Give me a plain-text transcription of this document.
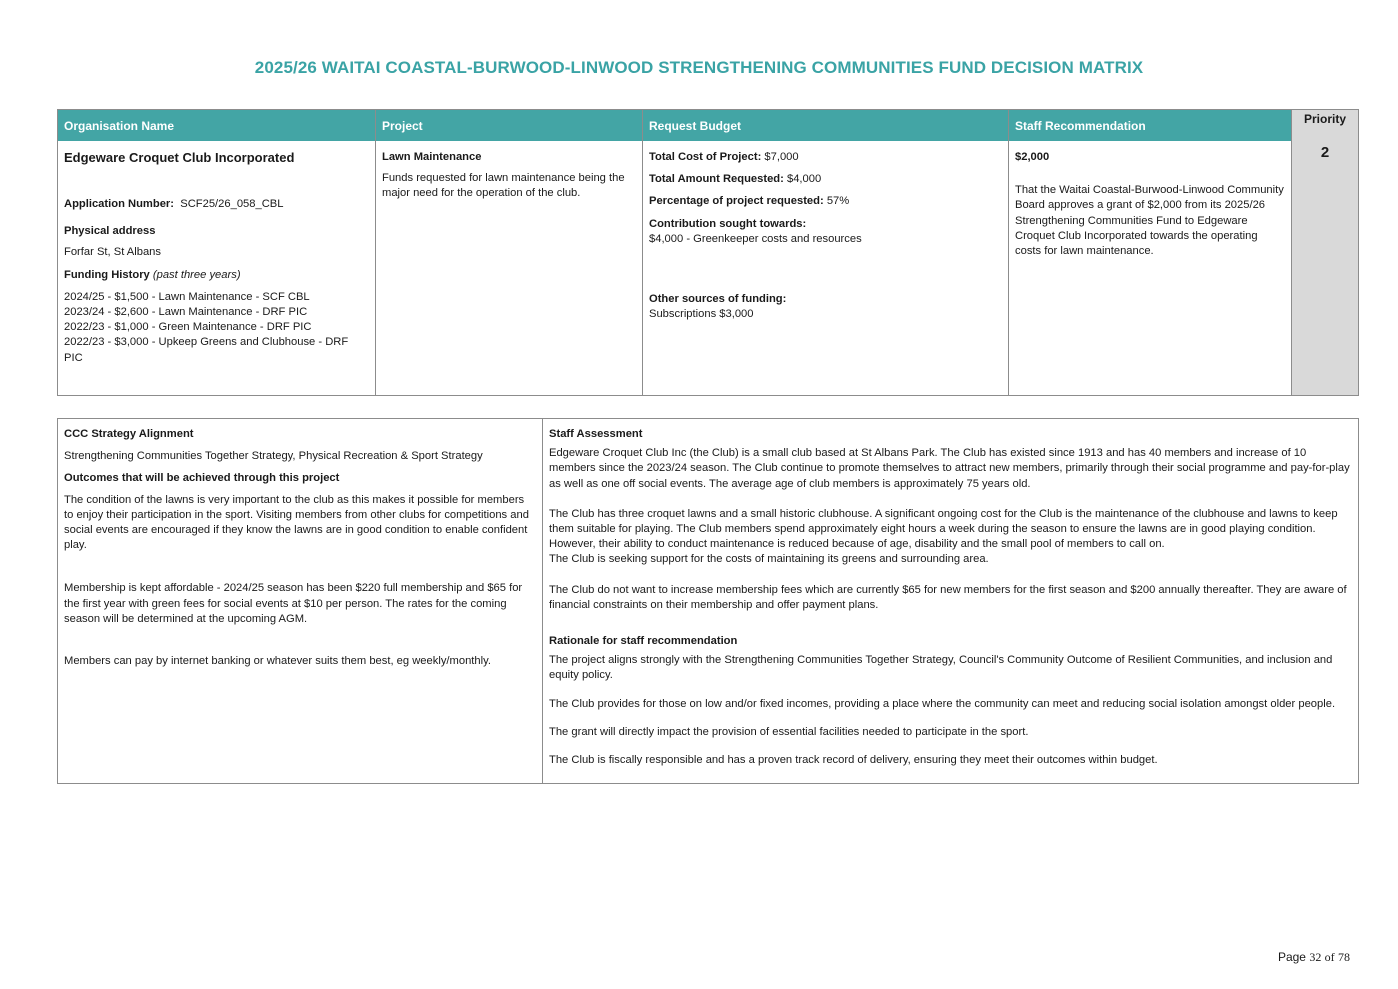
2025/26 WAITAI COASTAL-BURWOOD-LINWOOD STRENGTHENING COMMUNITIES FUND DECISION MATRIX
Organisation Name
Edgeware Croquet Club Incorporated
Application Number: SCF25/26_058_CBL
Physical address
Forfar St, St Albans
Funding History (past three years)
2024/25 - $1,500 - Lawn Maintenance - SCF CBL
2023/24 - $2,600 - Lawn Maintenance - DRF PIC
2022/23 - $1,000 - Green Maintenance - DRF PIC
2022/23 - $3,000 - Upkeep Greens and Clubhouse - DRF PIC
Project
Lawn Maintenance
Funds requested for lawn maintenance being the major need for the operation of the club.
Request Budget
Total Cost of Project: $7,000
Total Amount Requested: $4,000
Percentage of project requested: 57%
Contribution sought towards:
$4,000 - Greenkeeper costs and resources
Other sources of funding:
Subscriptions $3,000
Staff Recommendation
$2,000
That the Waitai Coastal-Burwood-Linwood Community Board approves a grant of $2,000 from its 2025/26 Strengthening Communities Fund to Edgeware Croquet Club Incorporated towards the operating costs for lawn maintenance.
Priority
2
CCC Strategy Alignment
Strengthening Communities Together Strategy, Physical Recreation & Sport Strategy
Outcomes that will be achieved through this project
The condition of the lawns is very important to the club as this makes it possible for members to enjoy their participation in the sport. Visiting members from other clubs for competitions and social events are encouraged if they know the lawns are in good condition to enable confident play.
Membership is kept affordable - 2024/25 season has been $220 full membership and $65 for the first year with green fees for social events at $10 per person. The rates for the coming season will be determined at the upcoming AGM.
Members can pay by internet banking or whatever suits them best, eg weekly/monthly.
Staff Assessment
Edgeware Croquet Club Inc (the Club) is a small club based at St Albans Park. The Club has existed since 1913 and has 40 members and increase of 10 members since the 2023/24 season. The Club continue to promote themselves to attract new members, primarily through their social programme and pay-for-play as well as one off social events. The average age of club members is approximately 75 years old.
The Club has three croquet lawns and a small historic clubhouse. A significant ongoing cost for the Club is the maintenance of the clubhouse and lawns to keep them suitable for playing. The Club members spend approximately eight hours a week during the season to ensure the lawns are in good playing condition. However, their ability to conduct maintenance is reduced because of age, disability and the small pool of members to call on.
The Club is seeking support for the costs of maintaining its greens and surrounding area.
The Club do not want to increase membership fees which are currently $65 for new members for the first season and $200 annually thereafter. They are aware of financial constraints on their membership and offer payment plans.
Rationale for staff recommendation
The project aligns strongly with the Strengthening Communities Together Strategy, Council's Community Outcome of Resilient Communities, and inclusion and equity policy.
The Club provides for those on low and/or fixed incomes, providing a place where the community can meet and reducing social isolation amongst older people.
The grant will directly impact the provision of essential facilities needed to participate in the sport.
The Club is fiscally responsible and has a proven track record of delivery, ensuring they meet their outcomes within budget.
Page 32 of 78
